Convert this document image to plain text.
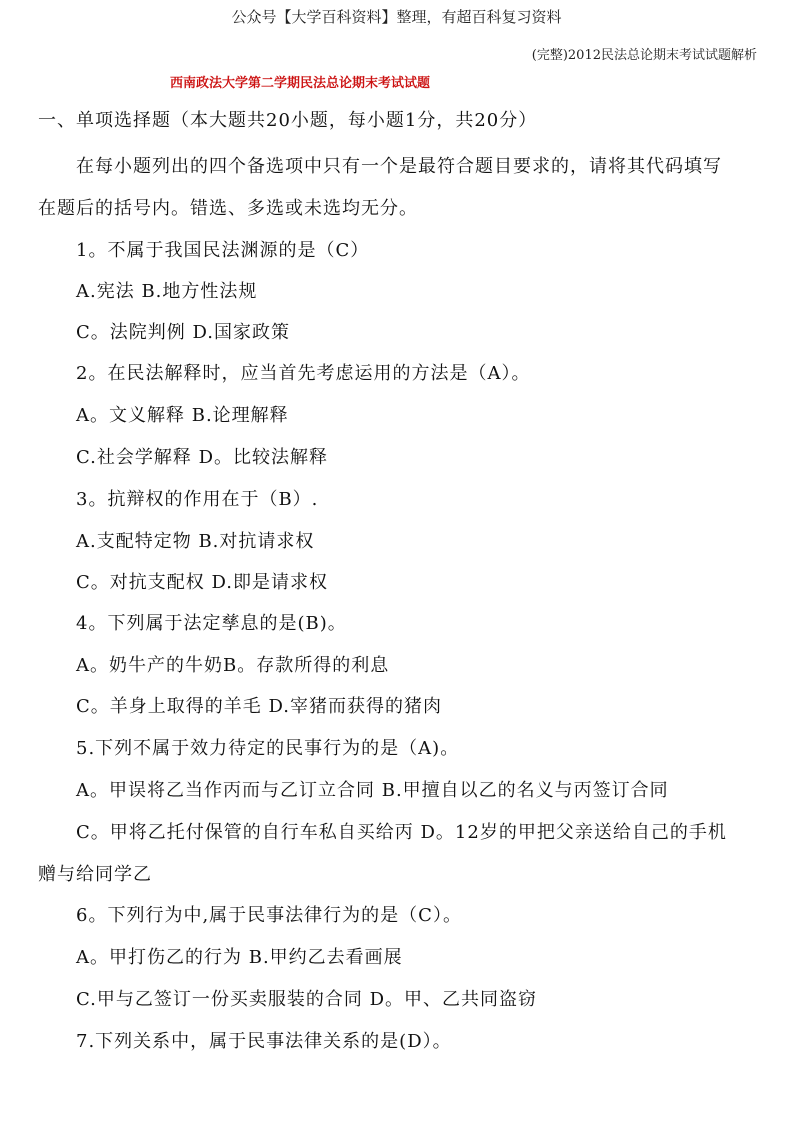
公众号【大学百科资料】整理，有超百科复习资料
(完整)2012民法总论期末考试试题解析
西南政法大学第二学期民法总论期末考试试题
一、单项选择题（本大题共20小题，每小题1分，共20分）
在每小题列出的四个备选项中只有一个是最符合题目要求的，请将其代码填写
在题后的括号内。错选、多选或未选均无分。
1。不属于我国民法渊源的是（C）
A.宪法 B.地方性法规
C。法院判例 D.国家政策
2。在民法解释时，应当首先考虑运用的方法是（A）。
A。文义解释 B.论理解释
C.社会学解释 D。比较法解释
3。抗辩权的作用在于（B）.
A.支配特定物 B.对抗请求权
C。对抗支配权 D.即是请求权
4。下列属于法定孳息的是(B)。
A。奶牛产的牛奶B。存款所得的利息
C。羊身上取得的羊毛 D.宰猪而获得的猪肉
5.下列不属于效力待定的民事行为的是（A)。
A。甲误将乙当作丙而与乙订立合同 B.甲擅自以乙的名义与丙签订合同
C。甲将乙托付保管的自行车私自买给丙 D。12岁的甲把父亲送给自己的手机
赠与给同学乙
6。下列行为中,属于民事法律行为的是（C）。
A。甲打伤乙的行为 B.甲约乙去看画展
C.甲与乙签订一份买卖服装的合同 D。甲、乙共同盗窃
7.下列关系中，属于民事法律关系的是(D）。
